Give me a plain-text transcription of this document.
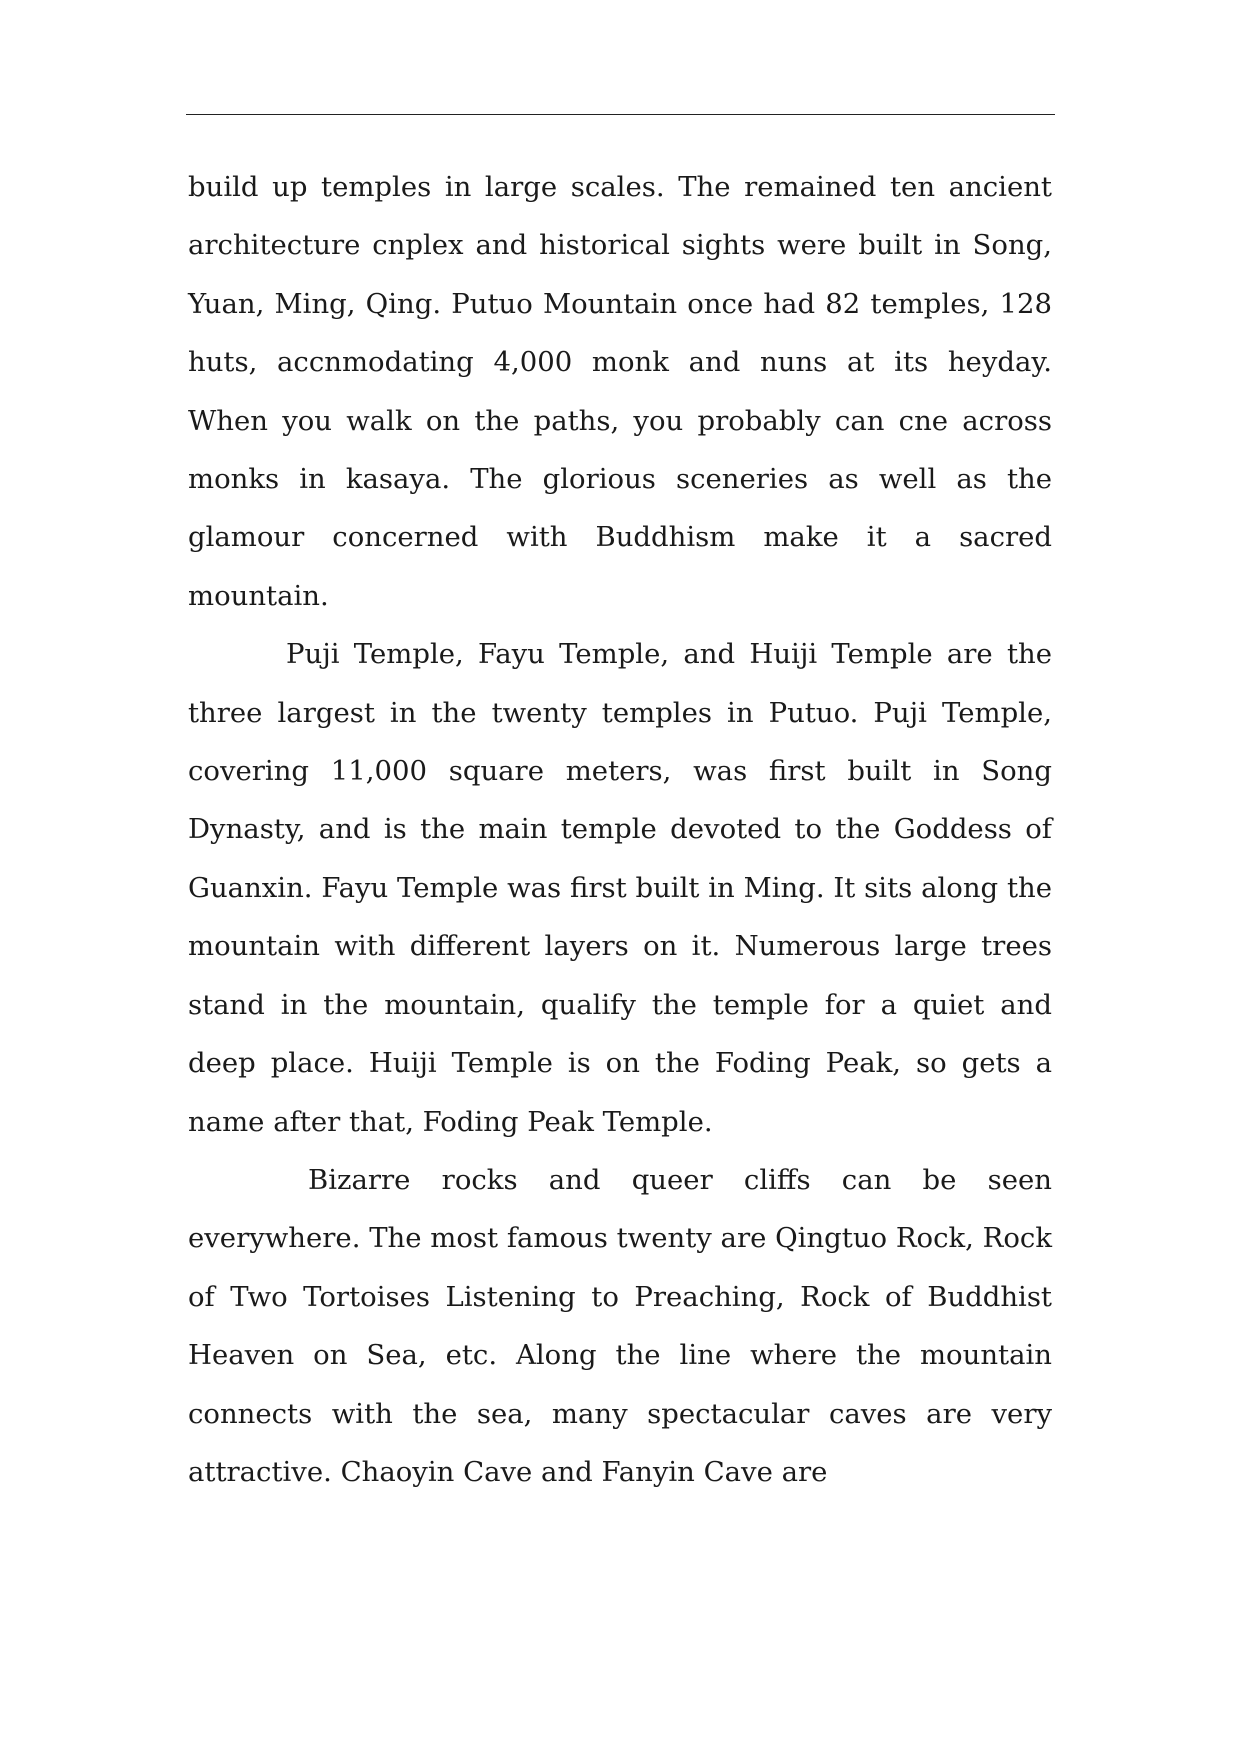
build up temples in large scales. The remained ten ancient architecture cnplex and historical sights were built in Song, Yuan, Ming, Qing. Putuo Mountain once had 82 temples, 128 huts, accnmodating 4,000 monk and nuns at its heyday. When you walk on the paths, you probably can cne across monks in kasaya. The glorious sceneries as well as the glamour concerned with Buddhism make it a sacred mountain.

Puji Temple, Fayu Temple, and Huiji Temple are the three largest in the twenty temples in Putuo. Puji Temple, covering 11,000 square meters, was first built in Song Dynasty, and is the main temple devoted to the Goddess of Guanxin. Fayu Temple was first built in Ming. It sits along the mountain with different layers on it. Numerous large trees stand in the mountain, qualify the temple for a quiet and deep place. Huiji Temple is on the Foding Peak, so gets a name after that, Foding Peak Temple.

Bizarre rocks and queer cliffs can be seen everywhere. The most famous twenty are Qingtuo Rock, Rock of Two Tortoises Listening to Preaching, Rock of Buddhist Heaven on Sea, etc. Along the line where the mountain connects with the sea, many spectacular caves are very attractive. Chaoyin Cave and Fanyin Cave are
